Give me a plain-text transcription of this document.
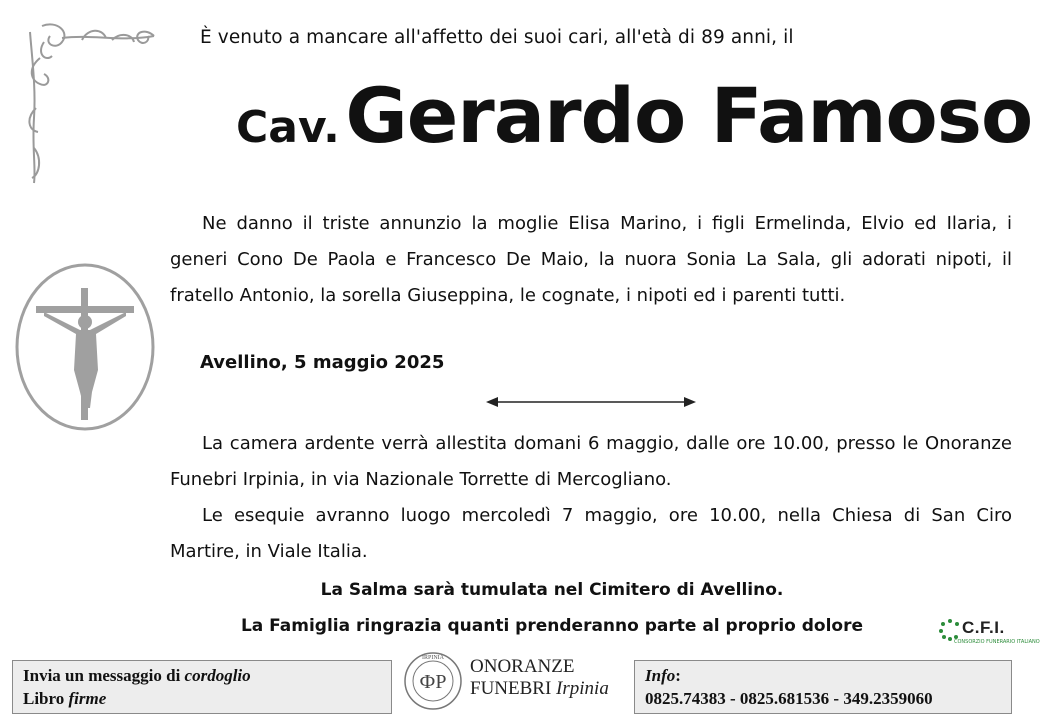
È venuto a mancare all'affetto dei suoi cari, all'età di 89 anni, il
Cav. Gerardo Famoso
Ne danno il triste annunzio la moglie Elisa Marino, i figli Ermelinda, Elvio ed Ilaria, i generi Cono De Paola e Francesco De Maio, la nuora Sonia La Sala, gli adorati nipoti, il fratello Antonio, la sorella Giuseppina, le cognate, i nipoti ed i parenti tutti.
Avellino, 5 maggio 2025
La camera ardente verrà allestita domani 6 maggio, dalle ore 10.00, presso le Onoranze Funebri Irpinia, in via Nazionale Torrette di Mercogliano.
Le esequie avranno luogo mercoledì 7 maggio, ore 10.00, nella Chiesa di San Ciro Martire, in Viale Italia.
La Salma sarà tumulata nel Cimitero di Avellino.
La Famiglia ringrazia quanti prenderanno parte al proprio dolore	C.F.I.
CONSORZIO FUNERARIO ITALIANO
Invia un messaggio di cordoglio
Libro firme
IRPINIA
ФР
ONORANZE
FUNEBRI Irpinia
Info:
0825.74383 - 0825.681536 - 349.2359060
